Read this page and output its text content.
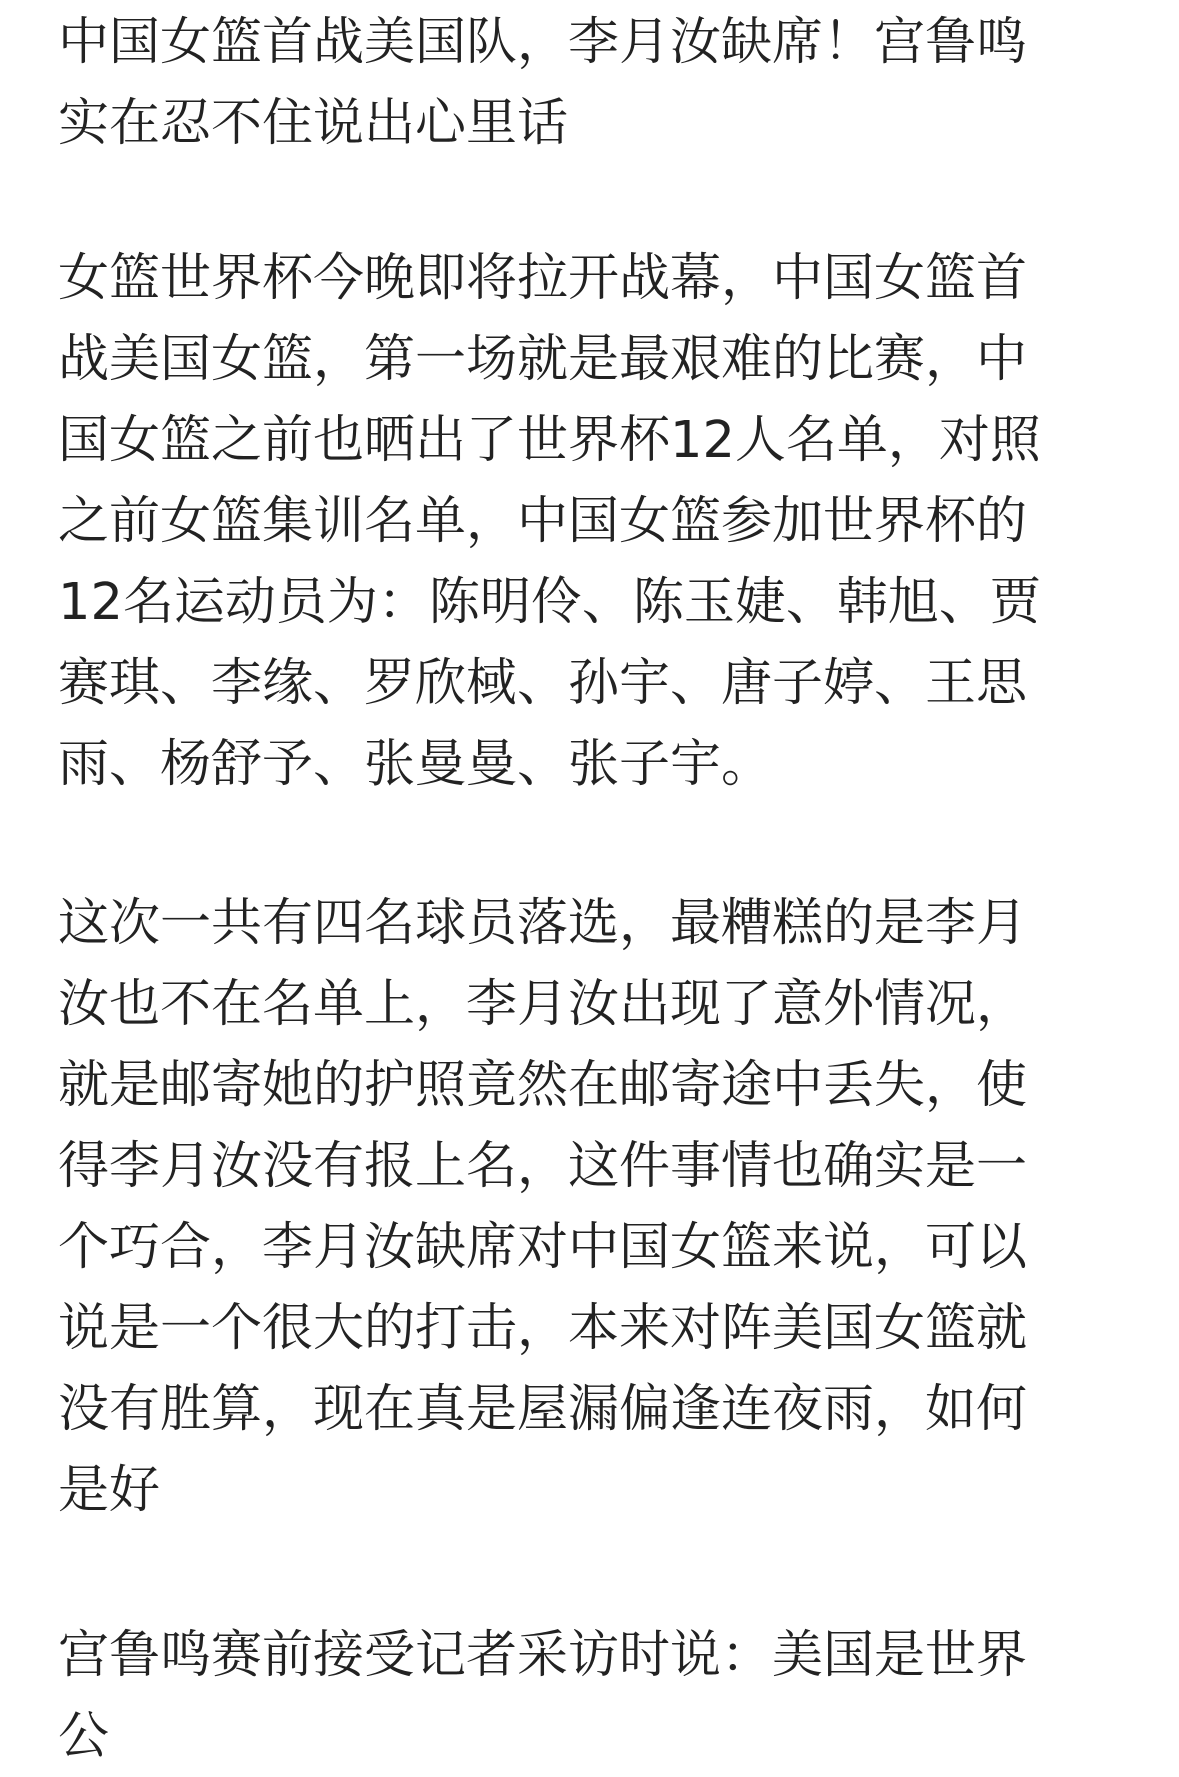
中国女篮首战美国队，李月汝缺席！宫鲁鸣实在忍不住说出心里话

女篮世界杯今晚即将拉开战幕，中国女篮首战美国女篮，第一场就是最艰难的比赛，中国女篮之前也晒出了世界杯12人名单，对照之前女篮集训名单，中国女篮参加世界杯的12名运动员为：陈明伶、陈玉婕、韩旭、贾赛琪、李缘、罗欣棫、孙宇、唐子婷、王思雨、杨舒予、张曼曼、张子宇。

这次一共有四名球员落选，最糟糕的是李月汝也不在名单上，李月汝出现了意外情况，就是邮寄她的护照竟然在邮寄途中丢失，使得李月汝没有报上名，这件事情也确实是一个巧合，李月汝缺席对中国女篮来说，可以说是一个很大的打击，本来对阵美国女篮就没有胜算，现在真是屋漏偏逢连夜雨，如何是好

宫鲁鸣赛前接受记者采访时说：美国是世界公
